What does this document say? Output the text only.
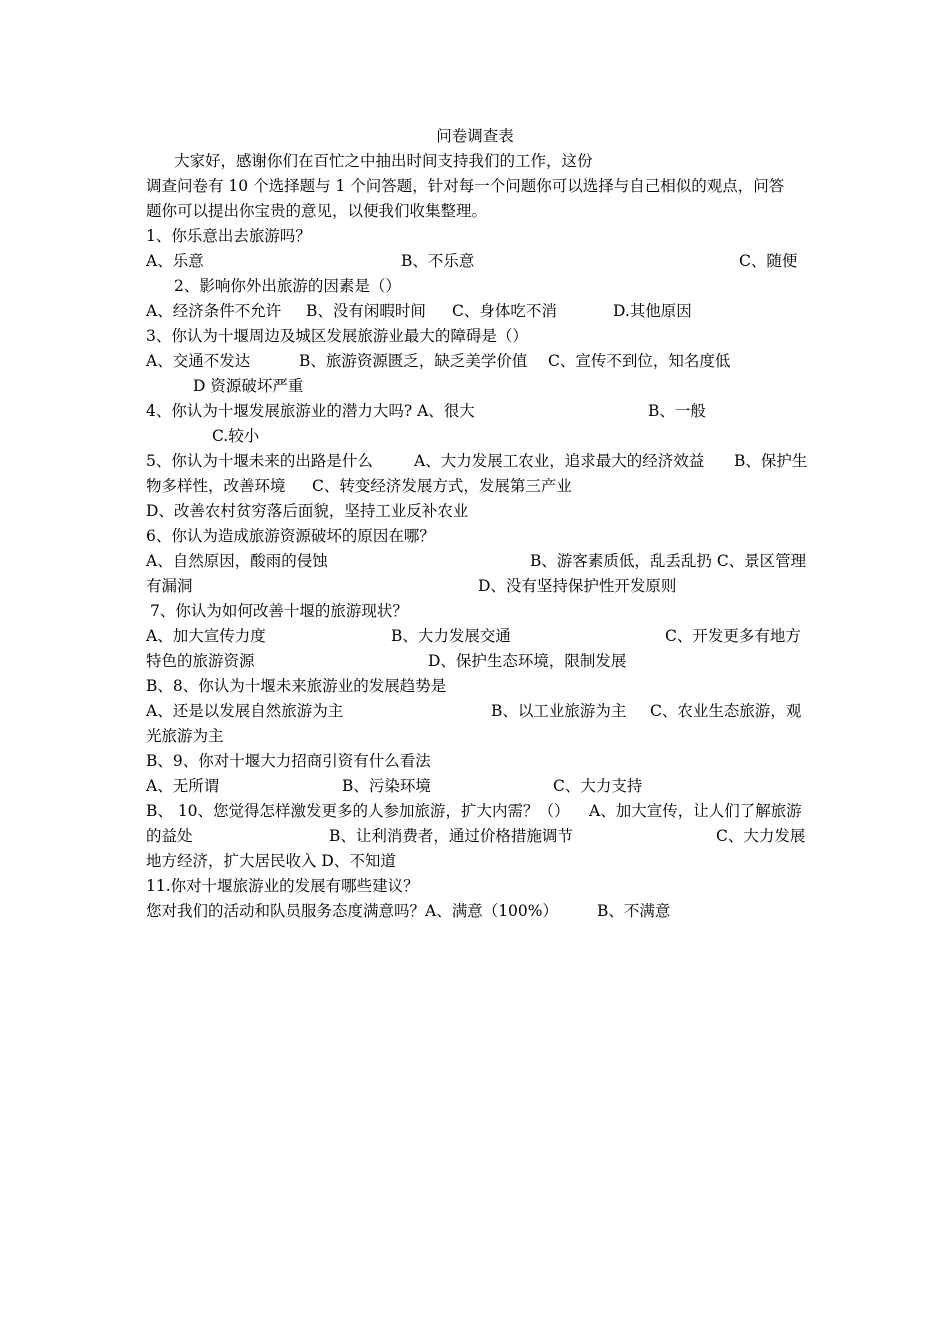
问卷调查表
大家好，感谢你们在百忙之中抽出时间支持我们的工作，这份
调查问卷有 10 个选择题与 1 个问答题，针对每一个问题你可以选择与自己相似的观点，问答
题你可以提出你宝贵的意见，以便我们收集整理。
1、你乐意出去旅游吗？
A、乐意	B、不乐意	C、随便
2、影响你外出旅游的因素是（）
A、经济条件不允许 B、没有闲暇时间 C、身体吃不消	D.其他原因
3、你认为十堰周边及城区发展旅游业最大的障碍是（）
A、交通不发达	B、旅游资源匮乏，缺乏美学价值 C、宣传不到位，知名度低
D 资源破坏严重
4、你认为十堰发展旅游业的潜力大吗? A、很大	B、一般
C.较小
5、你认为十堰未来的出路是什么	A、大力发展工农业，追求最大的经济效益 B、保护生
物多样性，改善环境 C、转变经济发展方式，发展第三产业
D、改善农村贫穷落后面貌，坚持工业反补农业
6、你认为造成旅游资源破坏的原因在哪？
A、自然原因，酸雨的侵蚀	B、游客素质低，乱丢乱扔 C、景区管理
有漏洞	D、没有坚持保护性开发原则
7、你认为如何改善十堰的旅游现状？
A、加大宣传力度	B、大力发展交通	C、开发更多有地方
特色的旅游资源	D、保护生态环境，限制发展
B、8、你认为十堰未来旅游业的发展趋势是
A、还是以发展自然旅游为主	B、以工业旅游为主 C、农业生态旅游，观
光旅游为主
B、9、你对十堰大力招商引资有什么看法
A、无所谓	B、污染环境	C、大力支持
B、 10、您觉得怎样激发更多的人参加旅游，扩大内需？（） A、加大宣传，让人们了解旅游
的益处	B、让利消费者，通过价格措施调节	C、大力发展
地方经济，扩大居民收入 D、不知道
11.你对十堰旅游业的发展有哪些建议？
您对我们的活动和队员服务态度满意吗？A、满意（100%）	B、不满意
